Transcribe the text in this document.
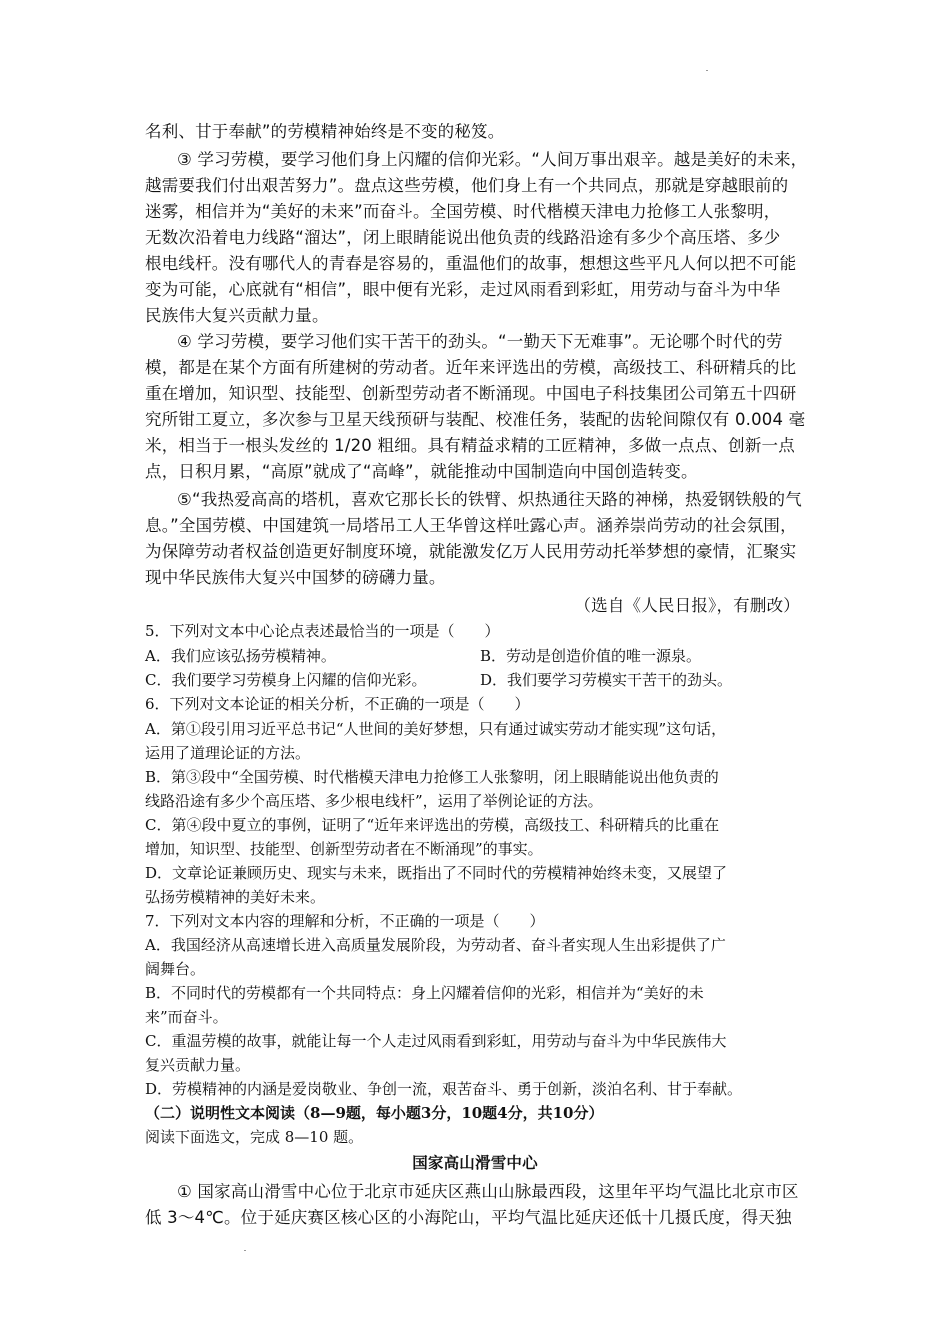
名利、甘于奉献”的劳模精神始终是不变的秘笈。
③ 学习劳模，要学习他们身上闪耀的信仰光彩。“人间万事出艰辛。越是美好的未来，
越需要我们付出艰苦努力”。盘点这些劳模，他们身上有一个共同点，那就是穿越眼前的
迷雾，相信并为“美好的未来”而奋斗。全国劳模、时代楷模天津电力抢修工人张黎明，
无数次沿着电力线路“溜达”，闭上眼睛能说出他负责的线路沿途有多少个高压塔、多少
根电线杆。没有哪代人的青春是容易的，重温他们的故事，想想这些平凡人何以把不可能
变为可能，心底就有“相信”，眼中便有光彩，走过风雨看到彩虹，用劳动与奋斗为中华
民族伟大复兴贡献力量。
④ 学习劳模，要学习他们实干苦干的劲头。“一勤天下无难事”。无论哪个时代的劳
模，都是在某个方面有所建树的劳动者。近年来评选出的劳模，高级技工、科研精兵的比
重在增加，知识型、技能型、创新型劳动者不断涌现。中国电子科技集团公司第五十四研
究所钳工夏立，多次参与卫星天线预研与装配、校准任务，装配的齿轮间隙仅有 0.004 毫
米，相当于一根头发丝的 1/20 粗细。具有精益求精的工匠精神，多做一点点、创新一点
点，日积月累，“高原”就成了“高峰”，就能推动中国制造向中国创造转变。
⑤“我热爱高高的塔机，喜欢它那长长的铁臂、炽热通往天路的神梯，热爱钢铁般的气
息。”全国劳模、中国建筑一局塔吊工人王华曾这样吐露心声。涵养崇尚劳动的社会氛围，
为保障劳动者权益创造更好制度环境，就能激发亿万人民用劳动托举梦想的豪情，汇聚实
现中华民族伟大复兴中国梦的磅礴力量。
（选自《人民日报》，有删改）
5．下列对文本中心论点表述最恰当的一项是（　　）
A．我们应该弘扬劳模精神。	B．劳动是创造价值的唯一源泉。
C．我们要学习劳模身上闪耀的信仰光彩。	D．我们要学习劳模实干苦干的劲头。
6．下列对文本论证的相关分析，不正确的一项是（　　）
A．第①段引用习近平总书记“人世间的美好梦想，只有通过诚实劳动才能实现”这句话，
运用了道理论证的方法。
B．第③段中“全国劳模、时代楷模天津电力抢修工人张黎明，闭上眼睛能说出他负责的
线路沿途有多少个高压塔、多少根电线杆”，运用了举例论证的方法。
C．第④段中夏立的事例，证明了“近年来评选出的劳模，高级技工、科研精兵的比重在
增加，知识型、技能型、创新型劳动者在不断涌现”的事实。
D．文章论证兼顾历史、现实与未来，既指出了不同时代的劳模精神始终未变，又展望了
弘扬劳模精神的美好未来。
7．下列对文本内容的理解和分析，不正确的一项是（　　）
A．我国经济从高速增长进入高质量发展阶段，为劳动者、奋斗者实现人生出彩提供了广
阔舞台。
B．不同时代的劳模都有一个共同特点：身上闪耀着信仰的光彩，相信并为“美好的未
来”而奋斗。
C．重温劳模的故事，就能让每一个人走过风雨看到彩虹，用劳动与奋斗为中华民族伟大
复兴贡献力量。
D．劳模精神的内涵是爱岗敬业、争创一流，艰苦奋斗、勇于创新，淡泊名利、甘于奉献。
（二）说明性文本阅读（8—9题，每小题3分，10题4分，共10分）
阅读下面选文，完成 8—10 题。
国家高山滑雪中心
① 国家高山滑雪中心位于北京市延庆区燕山山脉最西段，这里年平均气温比北京市区
低 3～4℃。位于延庆赛区核心区的小海陀山，平均气温比延庆还低十几摄氏度，得天独
